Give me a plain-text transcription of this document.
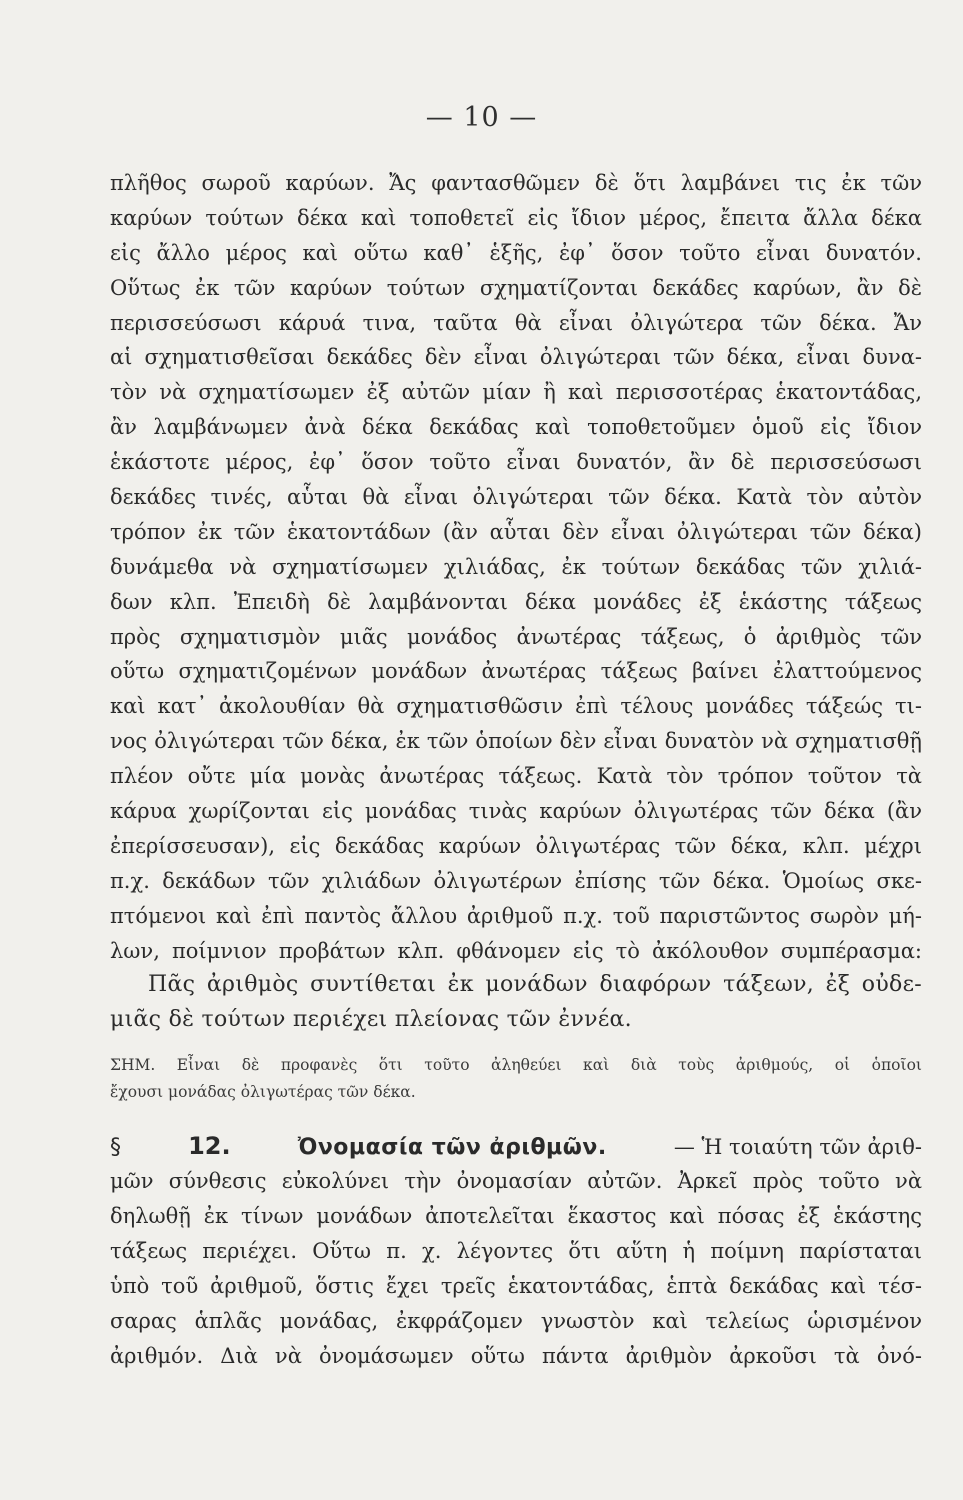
— 10 —
πλῆθος σωροῦ καρύων. Ἄς φαντασθῶμεν δὲ ὅτι λαμβάνει τις ἐκ τῶν
καρύων τούτων δέκα καὶ τοποθετεῖ εἰς ἴδιον μέρος, ἔπειτα ἄλλα δέκα
εἰς ἄλλο μέρος καὶ οὕτω καθ᾽ ἑξῆς, ἐφ᾽ ὅσον τοῦτο εἶναι δυνατόν.
Οὕτως ἐκ τῶν καρύων τούτων σχηματίζονται δεκάδες καρύων, ἂν δὲ
περισσεύσωσι κάρυά τινα, ταῦτα θὰ εἶναι ὀλιγώτερα τῶν δέκα. Ἄν
αἱ σχηματισθεῖσαι δεκάδες δὲν εἶναι ὀλιγώτεραι τῶν δέκα, εἶναι δυνα-
τὸν νὰ σχηματίσωμεν ἐξ αὐτῶν μίαν ἢ καὶ περισσοτέρας ἑκατοντάδας,
ἂν λαμβάνωμεν ἀνὰ δέκα δεκάδας καὶ τοποθετοῦμεν ὁμοῦ εἰς ἴδιον
ἑκάστοτε μέρος, ἐφ᾽ ὅσον τοῦτο εἶναι δυνατόν, ἂν δὲ περισσεύσωσι
δεκάδες τινές, αὗται θὰ εἶναι ὀλιγώτεραι τῶν δέκα. Κατὰ τὸν αὐτὸν
τρόπον ἐκ τῶν ἑκατοντάδων (ἂν αὗται δὲν εἶναι ὀλιγώτεραι τῶν δέκα)
δυνάμεθα νὰ σχηματίσωμεν χιλιάδας, ἐκ τούτων δεκάδας τῶν χιλιά-
δων κλπ. Ἐπειδὴ δὲ λαμβάνονται δέκα μονάδες ἐξ ἑκάστης τάξεως
πρὸς σχηματισμὸν μιᾶς μονάδος ἀνωτέρας τάξεως, ὁ ἀριθμὸς τῶν
οὕτω σχηματιζομένων μονάδων ἀνωτέρας τάξεως βαίνει ἐλαττούμενος
καὶ κατ᾽ ἀκολουθίαν θὰ σχηματισθῶσιν ἐπὶ τέλους μονάδες τάξεώς τι-
νος ὀλιγώτεραι τῶν δέκα, ἐκ τῶν ὁποίων δὲν εἶναι δυνατὸν νὰ σχηματισθῇ
πλέον οὔτε μία μονὰς ἀνωτέρας τάξεως. Κατὰ τὸν τρόπον τοῦτον τὰ
κάρυα χωρίζονται εἰς μονάδας τινὰς καρύων ὀλιγωτέρας τῶν δέκα (ἂν
ἐπερίσσευσαν), εἰς δεκάδας καρύων ὀλιγωτέρας τῶν δέκα, κλπ. μέχρι
π.χ. δεκάδων τῶν χιλιάδων ὀλιγωτέρων ἐπίσης τῶν δέκα. Ὁμοίως σκε-
πτόμενοι καὶ ἐπὶ παντὸς ἄλλου ἀριθμοῦ π.χ. τοῦ παριστῶντος σωρὸν μή-
λων, ποίμνιον προβάτων κλπ. φθάνομεν εἰς τὸ ἀκόλουθον συμπέρασμα:
Πᾶς ἀριθμὸς συντίθεται ἐκ μονάδων διαφόρων τάξεων, ἐξ οὐδε-
μιᾶς δὲ τούτων περιέχει πλείονας τῶν ἐννέα.
ΣΗΜ. Εἶναι δὲ προφανὲς ὅτι τοῦτο ἀληθεύει καὶ διὰ τοὺς ἀριθμούς, οἱ ὁποῖοι
ἔχουσι μονάδας ὀλιγωτέρας τῶν δέκα.
§	12.	Ὀνομασία τῶν ἀριθμῶν.	— Ἡ τοιαύτη τῶν ἀριθ-
μῶν σύνθεσις εὐκολύνει τὴν ὀνομασίαν αὐτῶν. Ἀρκεῖ πρὸς τοῦτο νὰ
δηλωθῇ ἐκ τίνων μονάδων ἀποτελεῖται ἕκαστος καὶ πόσας ἐξ ἑκάστης
τάξεως περιέχει. Οὕτω π. χ. λέγοντες ὅτι αὕτη ἡ ποίμνη παρίσταται
ὑπὸ τοῦ ἀριθμοῦ, ὅστις ἔχει τρεῖς ἑκατοντάδας, ἑπτὰ δεκάδας καὶ τέσ-
σαρας ἁπλᾶς μονάδας, ἐκφράζομεν γνωστὸν καὶ τελείως ὡρισμένον
ἀριθμόν. Διὰ νὰ ὀνομάσωμεν οὕτω πάντα ἀριθμὸν ἀρκοῦσι τὰ ὀνό-
